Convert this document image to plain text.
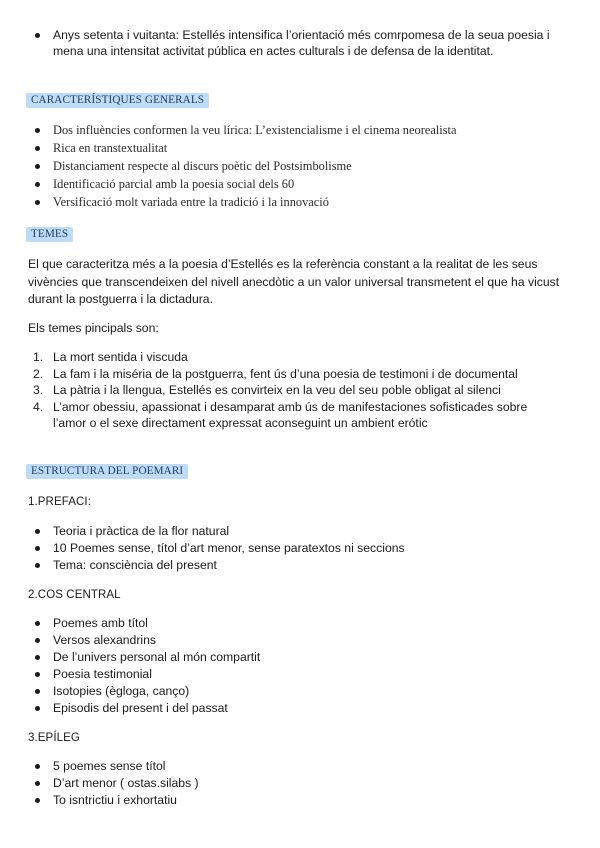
Anys setenta i vuitanta: Estellés intensifica l’orientació més comrpomesa de la seua poesia i mena una intensitat activitat pública en actes culturals i de defensa de la identitat.
CARACTERÍSTIQUES GENERALS
Dos influències conformen la veu lírica: L’existencialisme i el cinema neorealista
Rica en transtextualitat
Distanciament respecte al discurs poètic del Postsimbolisme
Identificació parcial amb la poesia social dels 60
Versificació molt variada entre la tradició i la innovació
TEMES

El que caracteritza més a la poesia d’Estellés es la referència constant a la realitat de les seus vivències que transcendeixen del nivell anecdòtic a un valor universal transmetent el que ha vicust durant la postguerra i la dictadura.

Els temes pincipals son:

1. La mort sentida i viscuda
2. La fam i la miséria de la postguerra, fent ús d’una poesia de testimoni i de documental
3. La pàtria i la llengua, Estellés es convirteix en la veu del seu poble obligat al silenci
4. L’amor obessiu, apassionat i desamparat amb ús de manifestaciones sofisticades sobre l’amor o el sexe directament expressat aconseguint un ambient erótic
ESTRUCTURA DEL POEMARI

1.PREFACI:

Teoria i pràctica de la flor natural
10 Poemes sense, títol d’art menor, sense paratextos ni seccions
Tema: consciència del present

2.COS CENTRAL

Poemes amb títol
Versos alexandrins
De l’univers personal al món compartit
Poesia testimonial
Isotopies (ègloga, canço)
Episodis del present i del passat

3.EPÍLEG

5 poemes sense títol
D’art menor ( ostas.silabs )
To isntrictiu i exhortatiu
